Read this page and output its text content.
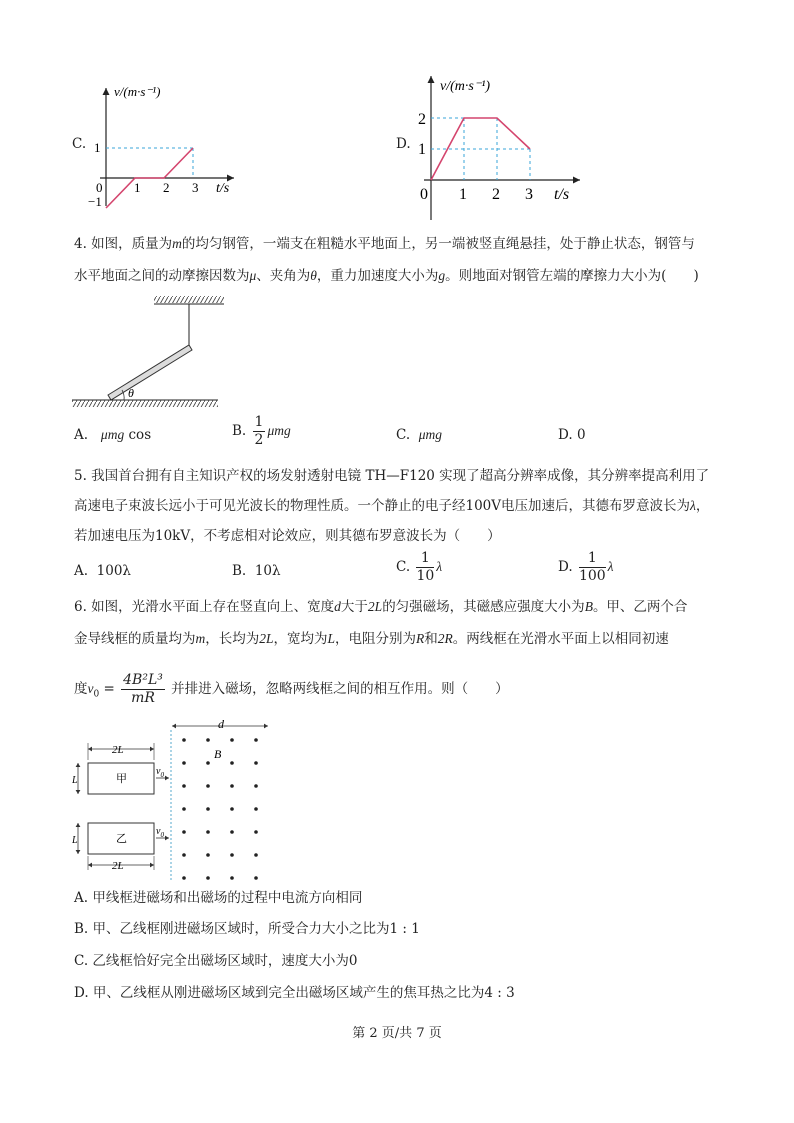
C.
v/(m·s⁻¹)
t/s
0 1 2 3
1
−1
D.
v/(m·s⁻¹)
t/s
0 1 2 3
2
1
4. 如图，质量为m的均匀钢管，一端支在粗糙水平地面上，另一端被竖直绳悬挂，处于静止状态，钢管与
水平地面之间的动摩擦因数为μ、夹角为θ，重力加速度大小为g。则地面对钢管左端的摩擦力大小为(　　)
θ
A. μmg cos	B. $\frac{1}{2}$ μmg	C. μmg	D. 0
5. 我国首台拥有自主知识产权的场发射透射电镜 TH—F120 实现了超高分辨率成像，其分辨率提高利用了
高速电子束波长远小于可见光波长的物理性质。一个静止的电子经100V电压加速后，其德布罗意波长为λ，
若加速电压为10kV，不考虑相对论效应，则其德布罗意波长为（　　）
A. 100λ	B. 10λ	C. $\frac{1}{10}$ λ	D. $\frac{1}{100}$ λ
6. 如图，光滑水平面上存在竖直向上、宽度d大于2L的匀强磁场，其磁感应强度大小为B。甲、乙两个合
金导线框的质量均为m，长均为2L，宽均为L，电阻分别为R和2R。两线框在光滑水平面上以相同初速
度$v_0 = \frac{\text{4B²L³}}{mR}$ 并排进入磁场，忽略两线框之间的相互作用。则（　　）
d
B
2L
甲
L
$v_0$
乙
L
$v_0$
2L
A. 甲线框进磁场和出磁场的过程中电流方向相同
B. 甲、乙线框刚进磁场区域时，所受合力大小之比为1 : 1
C. 乙线框恰好完全出磁场区域时，速度大小为0
D. 甲、乙线框从刚进磁场区域到完全出磁场区域产生的焦耳热之比为4 : 3
第 2 页/共 7 页
